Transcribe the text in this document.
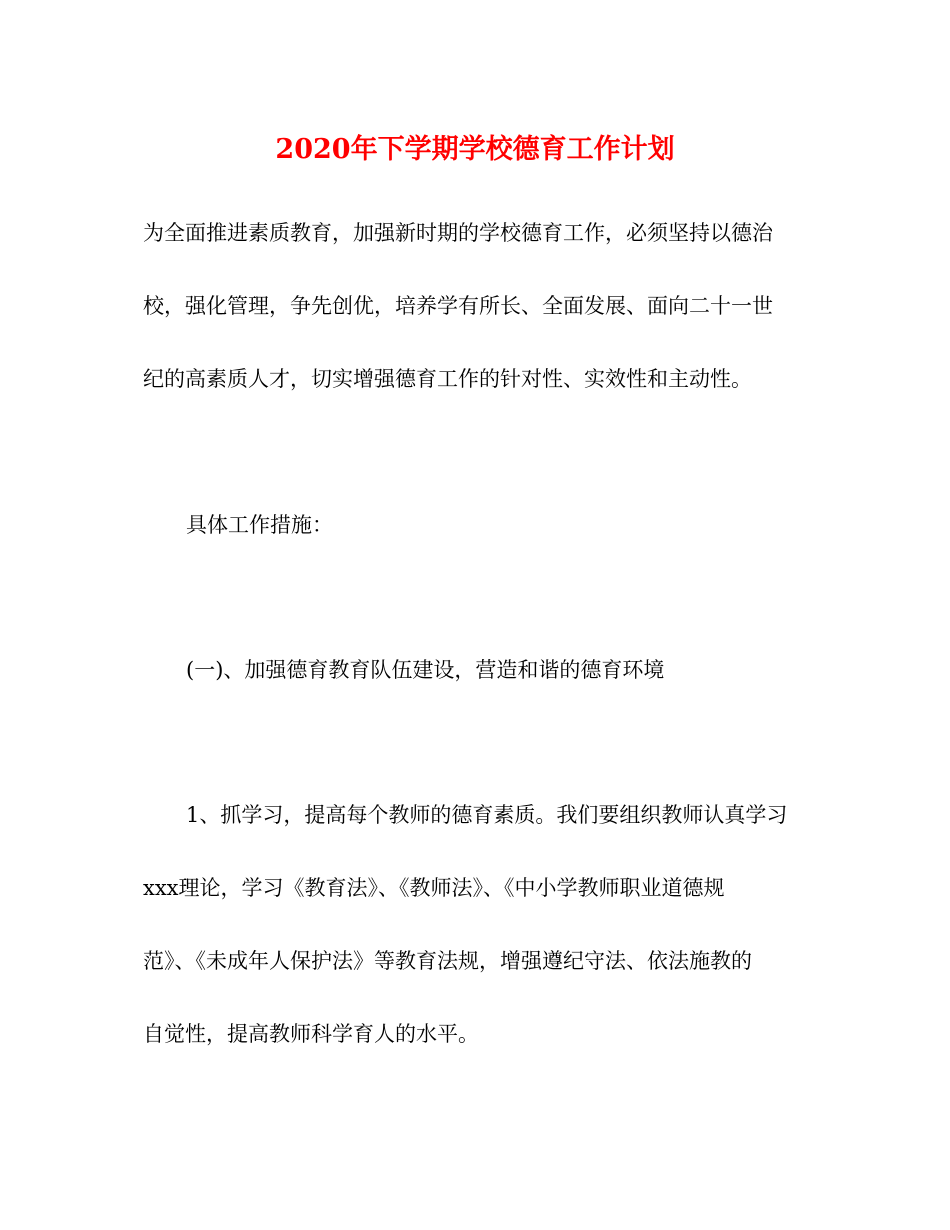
2020年下学期学校德育工作计划
为全面推进素质教育，加强新时期的学校德育工作，必须坚持以德治
校，强化管理，争先创优，培养学有所长、全面发展、面向二十一世
纪的高素质人才，切实增强德育工作的针对性、实效性和主动性。
具体工作措施：
(一)、加强德育教育队伍建设，营造和谐的德育环境
1、抓学习，提高每个教师的德育素质。我们要组织教师认真学习
xxx理论，学习《教育法》、《教师法》、《中小学教师职业道德规
范》、《未成年人保护法》等教育法规，增强遵纪守法、依法施教的
自觉性，提高教师科学育人的水平。
